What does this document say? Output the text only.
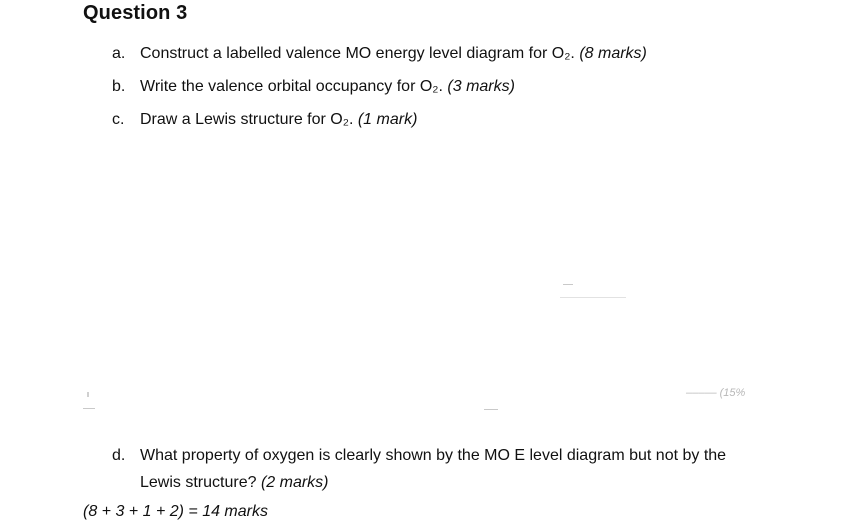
Question 3
a. Construct a labelled valence MO energy level diagram for O₂. (8 marks)
b. Write the valence orbital occupancy for O₂. (3 marks)
c. Draw a Lewis structure for O₂. (1 mark)
––––– (15%
d. What property of oxygen is clearly shown by the MO E level diagram but not by the Lewis structure? (2 marks)
(8 + 3 + 1 + 2) = 14 marks
